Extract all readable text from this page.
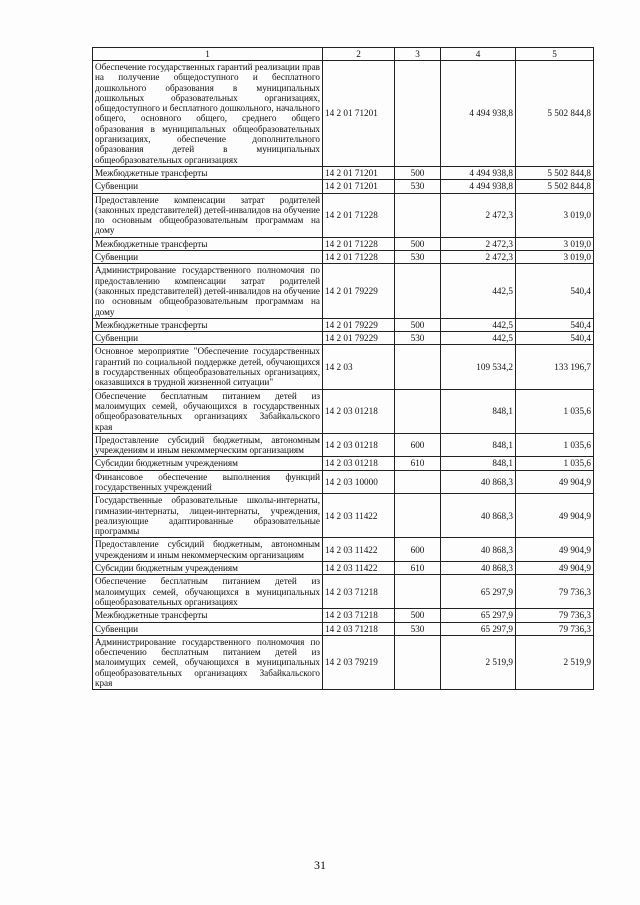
1	2	3	4	5
Обеспечение государственных гарантий реализации прав на получение общедоступного и бесплатного дошкольного образования в муниципальных дошкольных образовательных организациях, общедоступного и бесплатного дошкольного, начального общего, основного общего, среднего общего образования в муниципальных общеобразовательных организациях, обеспечение дополнительного образования детей в муниципальных общеобразовательных организациях	14 2 01 71201		4 494 938,8	5 502 844,8
Межбюджетные трансферты	14 2 01 71201	500	4 494 938,8	5 502 844,8
Субвенции	14 2 01 71201	530	4 494 938,8	5 502 844,8
Предоставление компенсации затрат родителей (законных представителей) детей-инвалидов на обучение по основным общеобразовательным программам на дому	14 2 01 71228		2 472,3	3 019,0
Межбюджетные трансферты	14 2 01 71228	500	2 472,3	3 019,0
Субвенции	14 2 01 71228	530	2 472,3	3 019,0
Администрирование государственного полномочия по предоставлению компенсации затрат родителей (законных представителей) детей-инвалидов на обучение по основным общеобразовательным программам на дому	14 2 01 79229		442,5	540,4
Межбюджетные трансферты	14 2 01 79229	500	442,5	540,4
Субвенции	14 2 01 79229	530	442,5	540,4
Основное мероприятие "Обеспечение государственных гарантий по социальной поддержке детей, обучающихся в государственных общеобразовательных организациях, оказавшихся в трудной жизненной ситуации"	14 2 03		109 534,2	133 196,7
Обеспечение бесплатным питанием детей из малоимущих семей, обучающихся в государственных общеобразовательных организациях Забайкальского края	14 2 03 01218		848,1	1 035,6
Предоставление субсидий бюджетным, автономным учреждениям и иным некоммерческим организациям	14 2 03 01218	600	848,1	1 035,6
Субсидии бюджетным учреждениям	14 2 03 01218	610	848,1	1 035,6
Финансовое обеспечение выполнения функций государственных учреждений	14 2 03 10000		40 868,3	49 904,9
Государственные образовательные школы-интернаты, гимназии-интернаты, лицеи-интернаты, учреждения, реализующие адаптированные образовательные программы	14 2 03 11422		40 868,3	49 904,9
Предоставление субсидий бюджетным, автономным учреждениям и иным некоммерческим организациям	14 2 03 11422	600	40 868,3	49 904,9
Субсидии бюджетным учреждениям	14 2 03 11422	610	40 868,3	49 904,9
Обеспечение бесплатным питанием детей из малоимущих семей, обучающихся в муниципальных общеобразовательных организациях	14 2 03 71218		65 297,9	79 736,3
Межбюджетные трансферты	14 2 03 71218	500	65 297,9	79 736,3
Субвенции	14 2 03 71218	530	65 297,9	79 736,3
Администрирование государственного полномочия по обеспечению бесплатным питанием детей из малоимущих семей, обучающихся в муниципальных общеобразовательных организациях Забайкальского края	14 2 03 79219		2 519,9	2 519,9
31
